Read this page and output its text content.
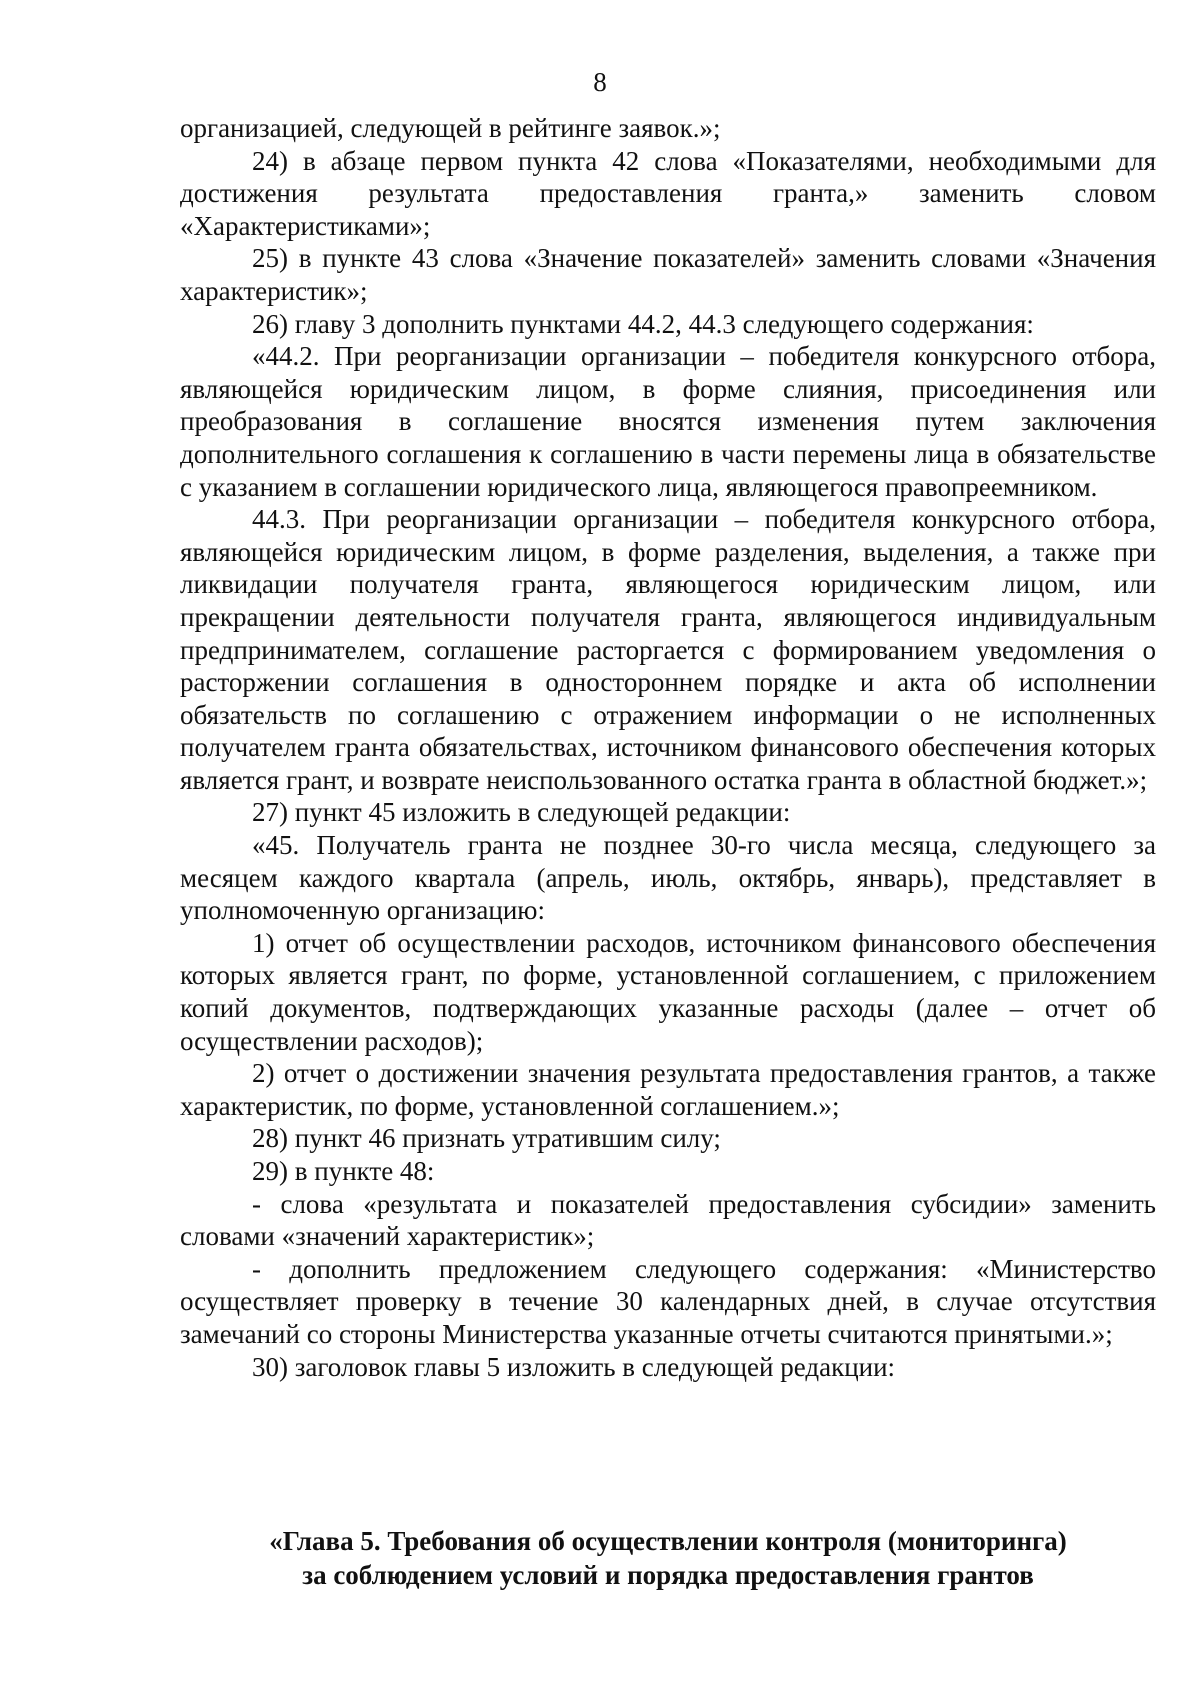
8

организацией, следующей в рейтинге заявок.»;

24) в абзаце первом пункта 42 слова «Показателями, необходимыми для достижения результата предоставления гранта,» заменить словом «Характеристиками»;

25) в пункте 43 слова «Значение показателей» заменить словами «Значения характеристик»;

26) главу 3 дополнить пунктами 44.2, 44.3 следующего содержания:

«44.2. При реорганизации организации – победителя конкурсного отбора, являющейся юридическим лицом, в форме слияния, присоединения или преобразования в соглашение вносятся изменения путем заключения дополнительного соглашения к соглашению в части перемены лица в обязательстве с указанием в соглашении юридического лица, являющегося правопреемником.

44.3. При реорганизации организации – победителя конкурсного отбора, являющейся юридическим лицом, в форме разделения, выделения, а также при ликвидации получателя гранта, являющегося юридическим лицом, или прекращении деятельности получателя гранта, являющегося индивидуальным предпринимателем, соглашение расторгается с формированием уведомления о расторжении соглашения в одностороннем порядке и акта об исполнении обязательств по соглашению с отражением информации о не исполненных получателем гранта обязательствах, источником финансового обеспечения которых является грант, и возврате неиспользованного остатка гранта в областной бюджет.»;

27) пункт 45 изложить в следующей редакции:

«45. Получатель гранта не позднее 30-го числа месяца, следующего за месяцем каждого квартала (апрель, июль, октябрь, январь), представляет в уполномоченную организацию:

1) отчет об осуществлении расходов, источником финансового обеспечения которых является грант, по форме, установленной соглашением, с приложением копий документов, подтверждающих указанные расходы (далее – отчет об осуществлении расходов);

2) отчет о достижении значения результата предоставления грантов, а также характеристик, по форме, установленной соглашением.»;

28) пункт 46 признать утратившим силу;

29) в пункте 48:

- слова «результата и показателей предоставления субсидии» заменить словами «значений характеристик»;

- дополнить предложением следующего содержания: «Министерство осуществляет проверку в течение 30 календарных дней, в случае отсутствия замечаний со стороны Министерства указанные отчеты считаются принятыми.»;

30) заголовок главы 5 изложить в следующей редакции:

«Глава 5. Требования об осуществлении контроля (мониторинга)
за соблюдением условий и порядка предоставления грантов
